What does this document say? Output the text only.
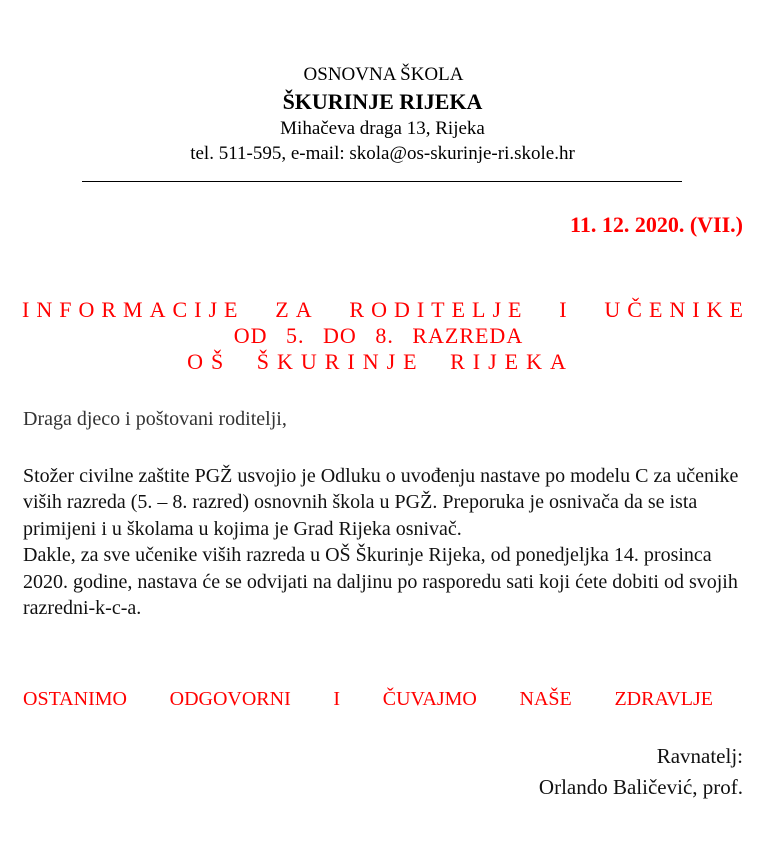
OSNOVNA ŠKOLA
ŠKURINJE RIJEKA
Mihačeva draga 13, Rijeka
tel. 511-595, e-mail: skola@os-skurinje-ri.skole.hr
11. 12. 2020. (VII.)
INFORMACIJE ZA RODITELJE I UČENIKE
OD 5. DO 8. RAZREDA
OŠ ŠKURINJE RIJEKA
Draga djeco i poštovani roditelji,

Stožer civilne zaštite PGŽ usvojio je Odluku o uvođenju nastave po modelu C za učenike viših razreda (5. – 8. razred) osnovnih škola u PGŽ. Preporuka je osnivača da se ista primijeni i u školama u kojima je Grad Rijeka osnivač.

Dakle, za sve učenike viših razreda u OŠ Škurinje Rijeka, od ponedjeljka 14. prosinca 2020. godine, nastava će se odvijati na daljinu po rasporedu sati koji ćete dobiti od svojih razredni-k-c-a.

OSTANIMO ODGOVORNI I ČUVAJMO NAŠE ZDRAVLJE
Ravnatelj:
Orlando Baličević, prof.
